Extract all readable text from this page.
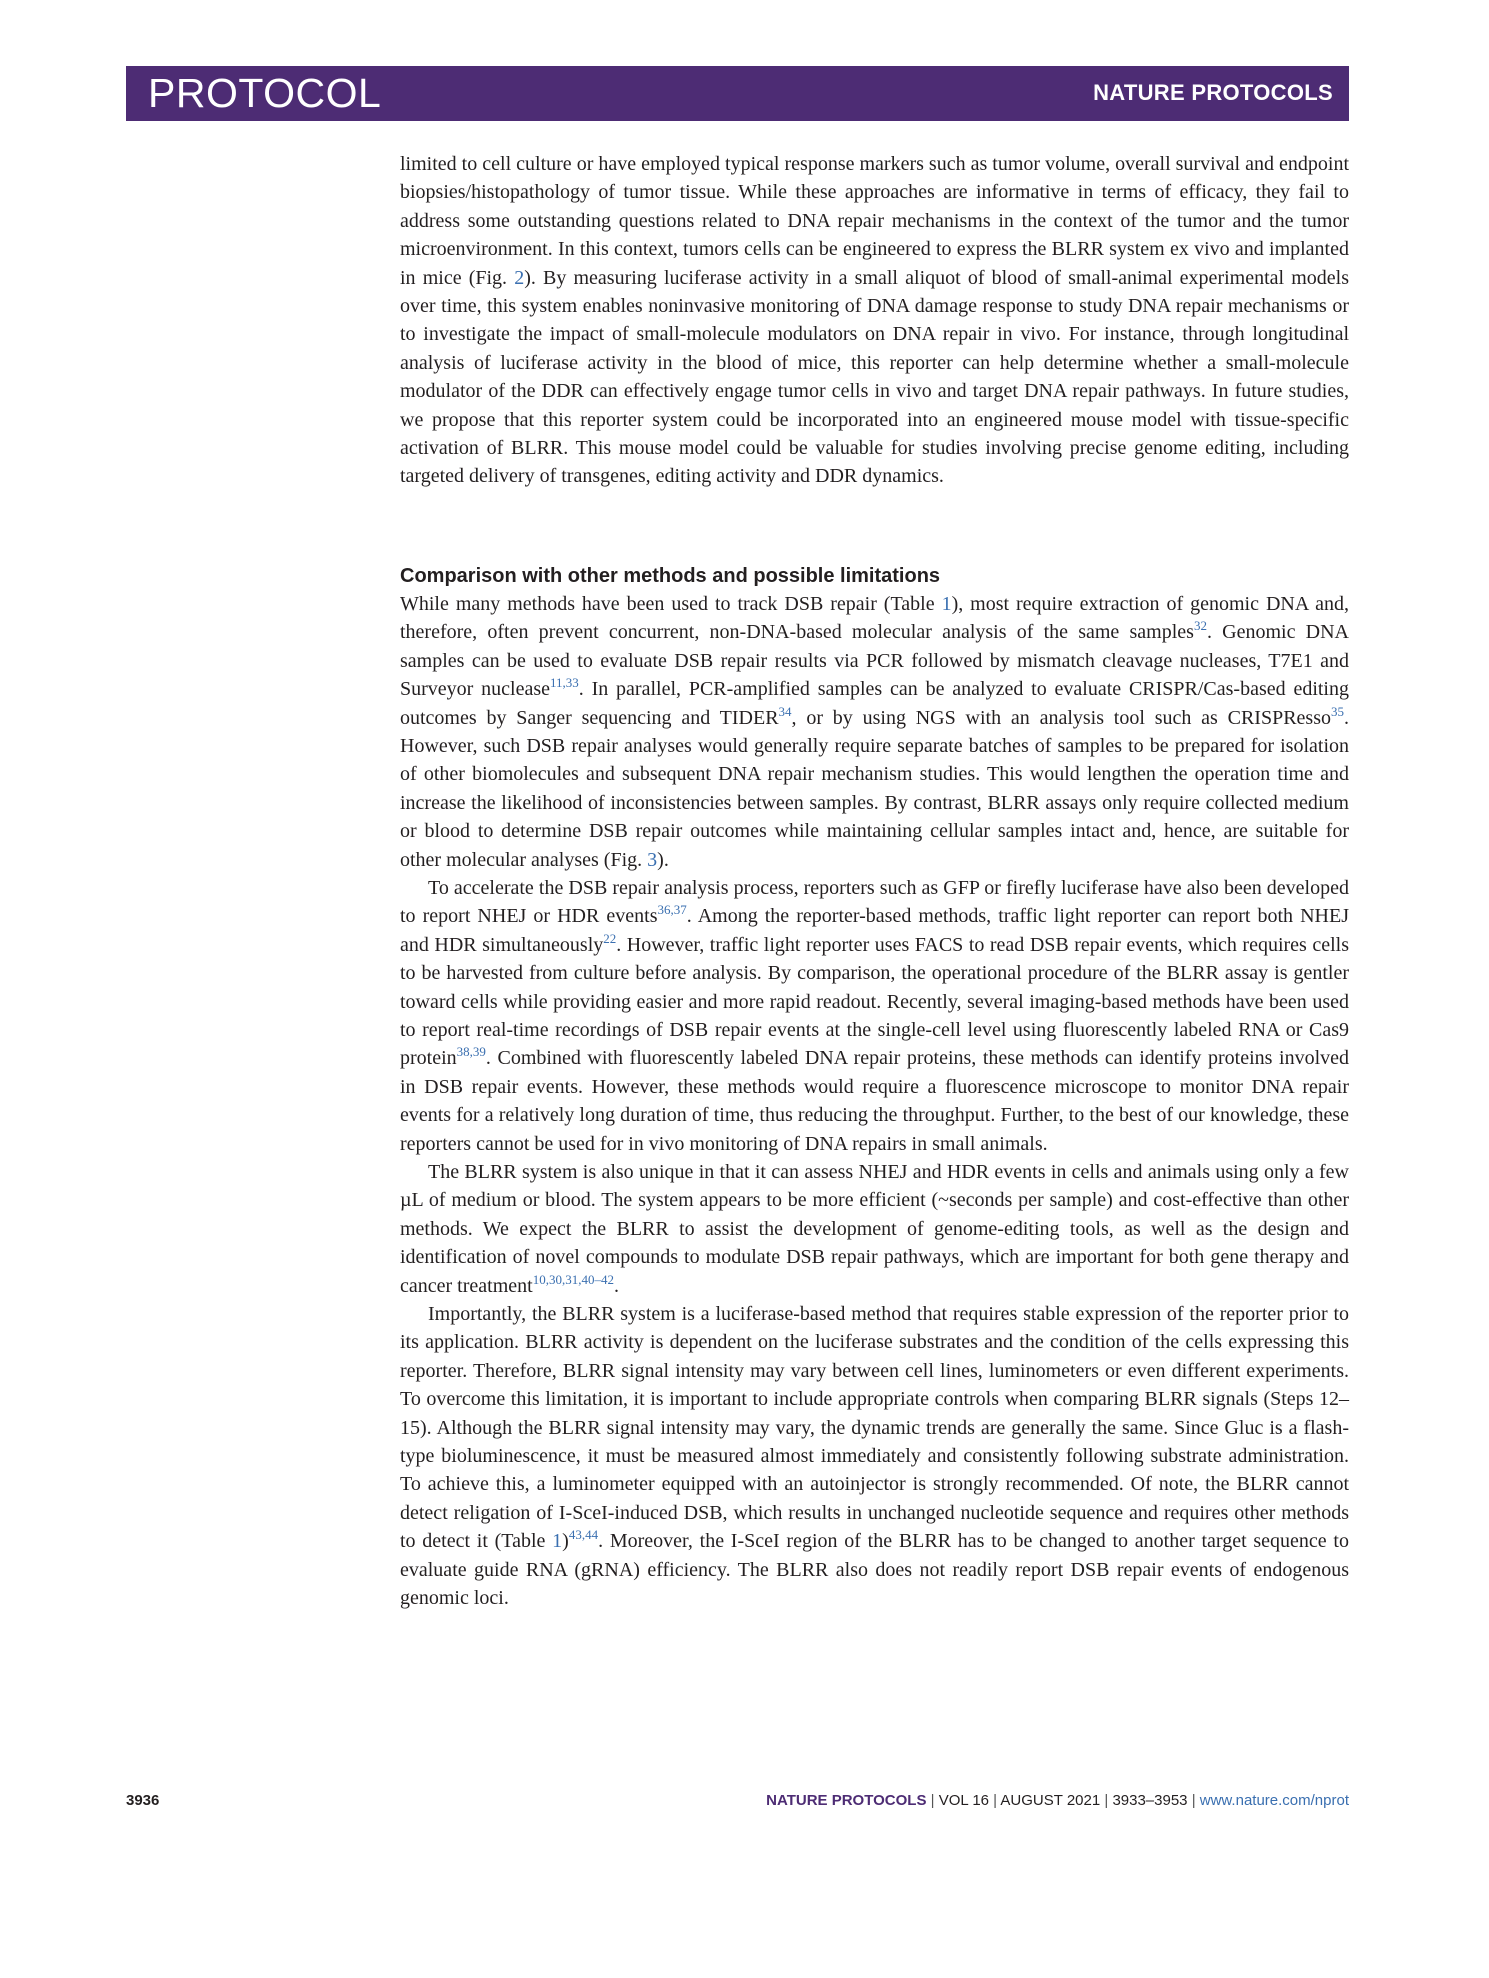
PROTOCOL	NATURE PROTOCOLS

limited to cell culture or have employed typical response markers such as tumor volume, overall survival and endpoint biopsies/histopathology of tumor tissue. While these approaches are informative in terms of efficacy, they fail to address some outstanding questions related to DNA repair mechanisms in the context of the tumor and the tumor microenvironment. In this context, tumors cells can be engineered to express the BLRR system ex vivo and implanted in mice (Fig. 2). By measuring luciferase activity in a small aliquot of blood of small-animal experimental models over time, this system enables noninvasive monitoring of DNA damage response to study DNA repair mechanisms or to investigate the impact of small-molecule modulators on DNA repair in vivo. For instance, through longitudinal analysis of luciferase activity in the blood of mice, this reporter can help determine whether a small-molecule modulator of the DDR can effectively engage tumor cells in vivo and target DNA repair pathways. In future studies, we propose that this reporter system could be incorporated into an engineered mouse model with tissue-specific activation of BLRR. This mouse model could be valuable for studies involving precise genome editing, including targeted delivery of transgenes, editing activity and DDR dynamics.

Comparison with other methods and possible limitations

While many methods have been used to track DSB repair (Table 1), most require extraction of genomic DNA and, therefore, often prevent concurrent, non-DNA-based molecular analysis of the same samples$^{32}$. Genomic DNA samples can be used to evaluate DSB repair results via PCR followed by mismatch cleavage nucleases, T7E1 and Surveyor nuclease$^{11,33}$. In parallel, PCR-amplified samples can be analyzed to evaluate CRISPR/Cas-based editing outcomes by Sanger sequencing and TIDER$^{34}$, or by using NGS with an analysis tool such as CRISPResso$^{35}$. However, such DSB repair analyses would generally require separate batches of samples to be prepared for isolation of other biomolecules and subsequent DNA repair mechanism studies. This would lengthen the operation time and increase the likelihood of inconsistencies between samples. By contrast, BLRR assays only require collected medium or blood to determine DSB repair outcomes while maintaining cellular samples intact and, hence, are suitable for other molecular analyses (Fig. 3).

To accelerate the DSB repair analysis process, reporters such as GFP or firefly luciferase have also been developed to report NHEJ or HDR events$^{36,37}$. Among the reporter-based methods, traffic light reporter can report both NHEJ and HDR simultaneously$^{22}$. However, traffic light reporter uses FACS to read DSB repair events, which requires cells to be harvested from culture before analysis. By comparison, the operational procedure of the BLRR assay is gentler toward cells while providing easier and more rapid readout. Recently, several imaging-based methods have been used to report real-time recordings of DSB repair events at the single-cell level using fluorescently labeled RNA or Cas9 protein$^{38,39}$. Combined with fluorescently labeled DNA repair proteins, these methods can identify proteins involved in DSB repair events. However, these methods would require a fluorescence microscope to monitor DNA repair events for a relatively long duration of time, thus reducing the throughput. Further, to the best of our knowledge, these reporters cannot be used for in vivo monitoring of DNA repairs in small animals.

The BLRR system is also unique in that it can assess NHEJ and HDR events in cells and animals using only a few µL of medium or blood. The system appears to be more efficient (~seconds per sample) and cost-effective than other methods. We expect the BLRR to assist the development of genome-editing tools, as well as the design and identification of novel compounds to modulate DSB repair pathways, which are important for both gene therapy and cancer treatment$^{10,30,31,40-42}$.

Importantly, the BLRR system is a luciferase-based method that requires stable expression of the reporter prior to its application. BLRR activity is dependent on the luciferase substrates and the condition of the cells expressing this reporter. Therefore, BLRR signal intensity may vary between cell lines, luminometers or even different experiments. To overcome this limitation, it is important to include appropriate controls when comparing BLRR signals (Steps 12–15). Although the BLRR signal intensity may vary, the dynamic trends are generally the same. Since Gluc is a flash-type bioluminescence, it must be measured almost immediately and consistently following substrate administration. To achieve this, a luminometer equipped with an autoinjector is strongly recommended. Of note, the BLRR cannot detect religation of I-SceI-induced DSB, which results in unchanged nucleotide sequence and requires other methods to detect it (Table 1)$^{43,44}$. Moreover, the I-SceI region of the BLRR has to be changed to another target sequence to evaluate guide RNA (gRNA) efficiency. The BLRR also does not readily report DSB repair events of endogenous genomic loci.

3936	NATURE PROTOCOLS | VOL 16 | AUGUST 2021 | 3933–3953 | www.nature.com/nprot
